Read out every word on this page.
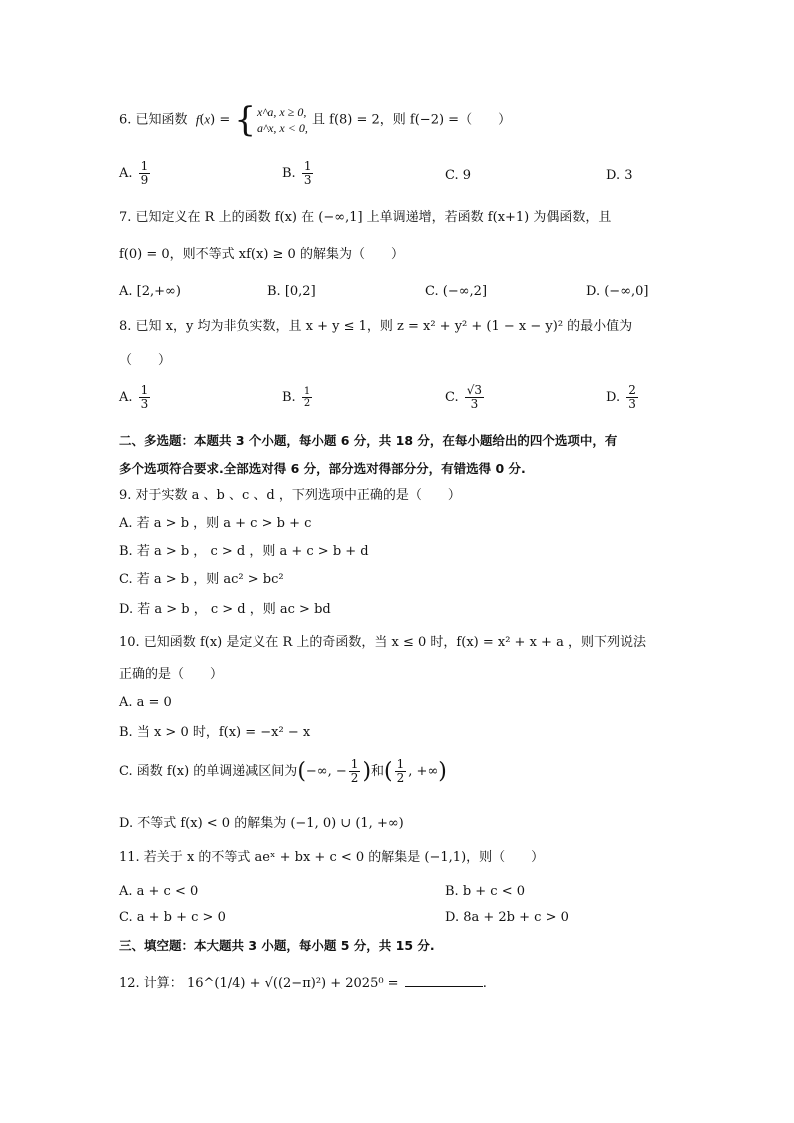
6. 已知函数 f(x) = { x^a, x ≥ 0,
a^x, x < 0,
且 f(8) = 2，则 f(−2) =（　　）
A. $\frac{1}{9}$	B. $\frac{1}{3}$	C. 9	D. 3
7. 已知定义在 R 上的函数 f(x) 在 (−∞,1] 上单调递增，若函数 f(x+1) 为偶函数，且
f(0) = 0，则不等式 xf(x) ≥ 0 的解集为（　　）
A. [2,+∞)	B. [0,2]	C. (−∞,2]	D. (−∞,0]
8. 已知 x，y 均为非负实数，且 x + y ≤ 1，则 z = x² + y² + (1 − x − y)² 的最小值为
（　　）
A. $\frac{1}{3}$	B. $\frac{1}{2}$	C. $\frac{√3}{3}$	D. $\frac{2}{3}$
二、多选题：本题共 3 个小题，每小题 6 分，共 18 分，在每小题给出的四个选项中，有
多个选项符合要求.全部选对得 6 分，部分选对得部分分，有错选得 0 分.
9. 对于实数 a 、b 、c 、d ，下列选项中正确的是（　　）
A. 若 a > b ，则 a + c > b + c
B. 若 a > b ， c > d ，则 a + c > b + d
C. 若 a > b ，则 ac² > bc²
D. 若 a > b ， c > d ，则 ac > bd
10. 已知函数 f(x) 是定义在 R 上的奇函数，当 x ≤ 0 时，f(x) = x² + x + a ，则下列说法
正确的是（　　）
A. a = 0
B. 当 x > 0 时，f(x) = −x² − x
C. 函数 f(x) 的单调递减区间为 ( −∞, − $\frac{1}{2}$ ) 和 ( $\frac{1}{2}$ , +∞ )
D. 不等式 f(x) < 0 的解集为 (−1, 0) ∪ (1, +∞)
11. 若关于 x 的不等式 aeˣ + bx + c < 0 的解集是 (−1,1)，则（　　）
A. a + c < 0	B. b + c < 0
C. a + b + c > 0	D. 8a + 2b + c > 0
三、填空题：本大题共 3 小题，每小题 5 分，共 15 分.
12. 计算： 16^(1/4) + √((2−π)²) + 2025⁰ =	.
